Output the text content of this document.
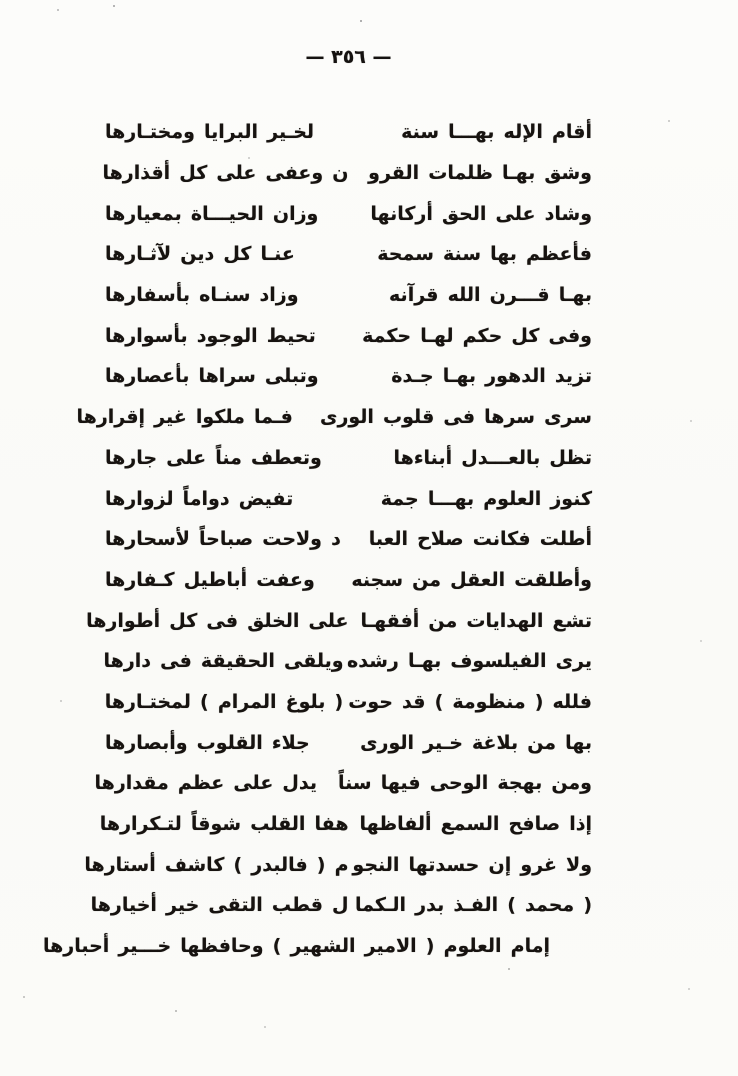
— ٣٥٦ —
أقام الإله بهـــا سنة
لخـير البرايا ومختـارها
وشق بهـا ظلمات القرو
ن وعفى على كل أقذارها
وشاد على الحق أركانها
وزان الحيـــاة بمعيارها
فأعظم بها سنة سمحة
عنـا كل دين لآثـارها
بهـا قـــرن الله قرآنه
وزاد سنـاه بأسفارها
وفى كل حكم لهـا حكمة
تحيط الوجود بأسوارها
تزيد الدهور بهـا جـدة
وتبلى سراها بأعصارها
سرى سرها فى قلوب الورى
فـما ملكوا غير إقرارها
تظل بالعـــدل أبناءها
وتعطف مناً على جارها
كنوز العلوم بهـــا جمة
تفيض دواماً لزوارها
أطلت فكانت صلاح العبا
د ولاحت صباحاً لأسحارها
وأطلقت العقل من سجنه
وعفت أباطيل كـفارها
تشع الهدايات من أفقهـا
على الخلق فى كل أطوارها
يرى الفيلسوف بهـا رشده
ويلقى الحقيقة فى دارها
فلله ( منظومة ) قد حوت
( بلوغ المرام ) لمختـارها
بها من بلاغة خـير الورى
جلاء القلوب وأبصارها
ومن بهجة الوحى فيها سناً
يدل على عظم مقدارها
إذا صافح السمع ألفاظها
هفا القلب شوقاً لتـكرارها
ولا غرو إن حسدتها النجو
م ( فالبدر ) كاشف أستارها
( محمد ) الفـذ بدر الـكما
ل قطب التقى خير أخيارها
إمام العلوم ( الامير الشهير ) وحافظها خـــير أحبارها
